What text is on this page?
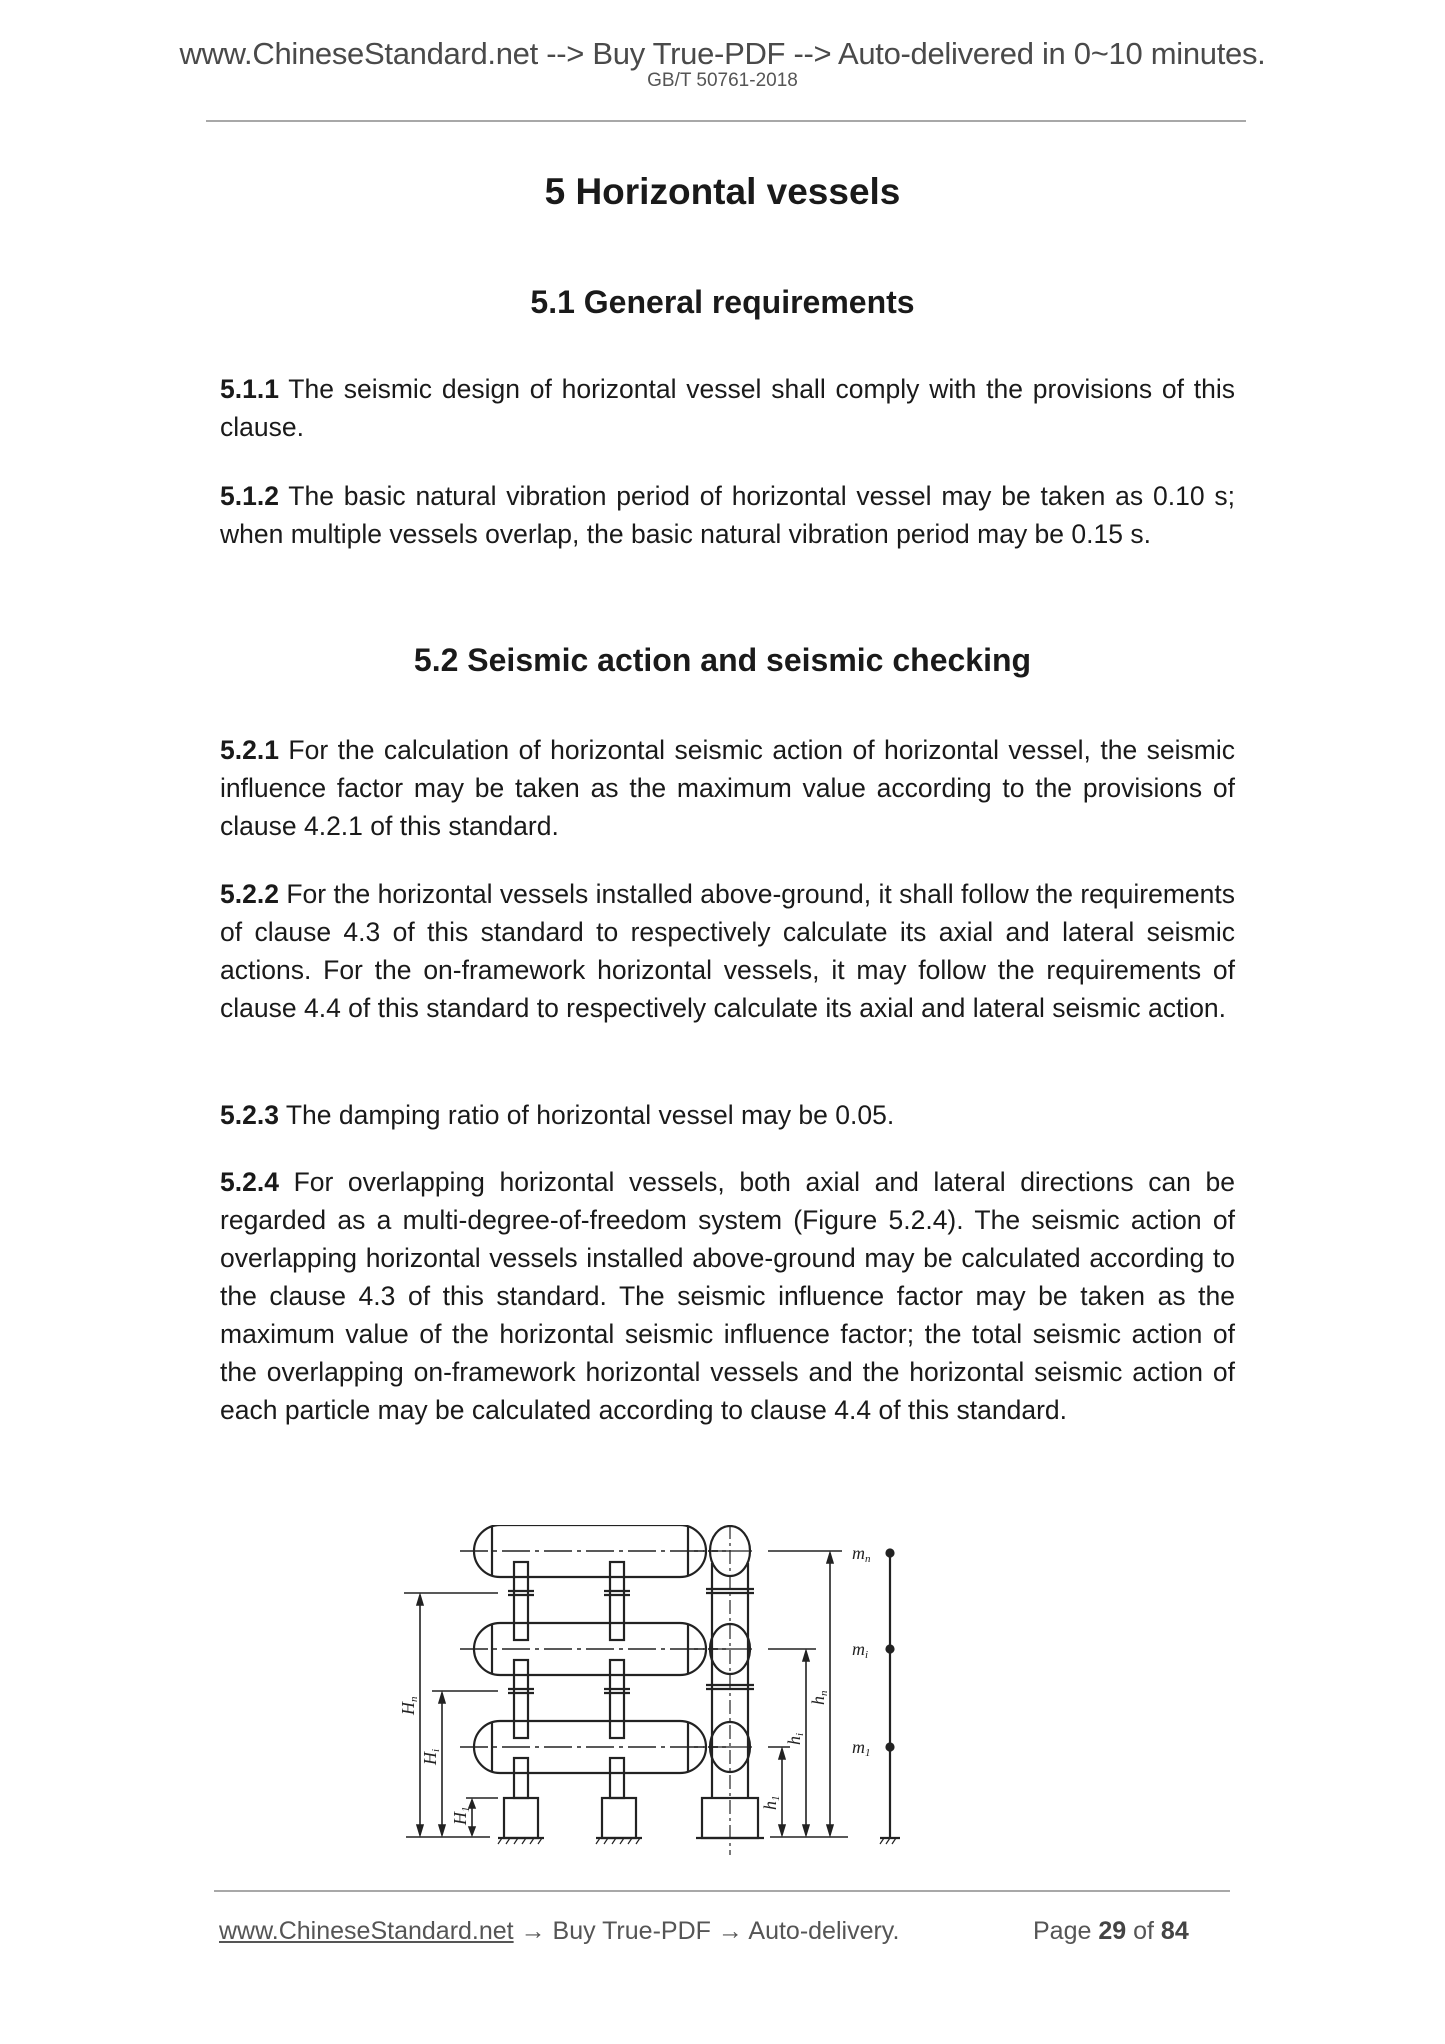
www.ChineseStandard.net --> Buy True-PDF --> Auto-delivered in 0~10 minutes.
GB/T 50761-2018
5 Horizontal vessels
5.1 General requirements
5.1.1 The seismic design of horizontal vessel shall comply with the provisions of this clause.
5.1.2 The basic natural vibration period of horizontal vessel may be taken as 0.10 s; when multiple vessels overlap, the basic natural vibration period may be 0.15 s.
5.2 Seismic action and seismic checking
5.2.1 For the calculation of horizontal seismic action of horizontal vessel, the seismic influence factor may be taken as the maximum value according to the provisions of clause 4.2.1 of this standard.
5.2.2 For the horizontal vessels installed above-ground, it shall follow the requirements of clause 4.3 of this standard to respectively calculate its axial and lateral seismic actions. For the on-framework horizontal vessels, it may follow the requirements of clause 4.4 of this standard to respectively calculate its axial and lateral seismic action.
5.2.3 The damping ratio of horizontal vessel may be 0.05.
5.2.4 For overlapping horizontal vessels, both axial and lateral directions can be regarded as a multi-degree-of-freedom system (Figure 5.2.4). The seismic action of overlapping horizontal vessels installed above-ground may be calculated according to the clause 4.3 of this standard. The seismic influence factor may be taken as the maximum value of the horizontal seismic influence factor; the total seismic action of the overlapping on-framework horizontal vessels and the horizontal seismic action of each particle may be calculated according to clause 4.4 of this standard.
Hn
Hi
H1	h1
hi
hn
mn
mi
m1
www.ChineseStandard.net → Buy True-PDF → Auto-delivery.	Page 29 of 84
